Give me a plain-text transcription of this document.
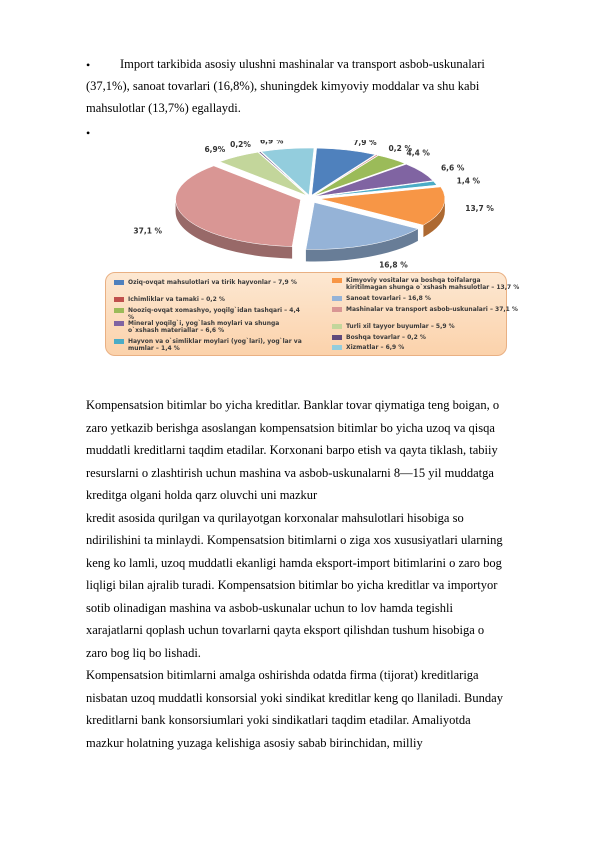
• Import tarkibida asosiy ulushni mashinalar va transport asbob-uskunalari
(37,1%), sanoat tovarlari (16,8%), shuningdek kimyoviy moddalar va shu kabi
mahsulotlar (13,7%) egallaydi.
•
7,9 %
0,2 %
4,4 %
6,6 %
1,4 %
13,7 %
16,8 %
37,1 %
6,9%
0,2% 6,9 %
Oziq-ovqat mahsulotlari va tirik hayvonlar – 7,9 %
Ichimliklar va tamaki – 0,2 %
Nooziq-ovqat xomashyo, yoqilg`idan tashqari – 4,4 %
Mineral yoqilg`i, yog`lash moylari va shunga o`xshash materiallar – 6,6 %
Hayvon va o`simliklar moylari (yog`lari), yog`lar va mumlar – 1,4 %
Kimyoviy vositalar va boshqa toifalarga kiritilmagan shunga o`xshash mahsulotlar – 13,7 %
Sanoat tovarlari – 16,8 %
Mashinalar va transport asbob-uskunalari – 37,1 %
Turli xil tayyor buyumlar – 5,9 %
Boshqa tovarlar – 0,2 %
Xizmatlar – 6,9 %

Kompensatsion bitimlar bo yicha kreditlar. Banklar tovar qiymatiga teng boigan, o

zaro yetkazib berishga asoslangan kompensatsion bitimlar bo yicha uzoq va qisqa

muddatli kreditlarni taqdim etadilar. Korxonani barpo etish va qayta tiklash, tabiiy

resurslarni o zlashtirish uchun mashina va asbob-uskunalarni 8—15 yil muddatga

kreditga olgani holda qarz oluvchi uni mazkur

kredit asosida qurilgan va qurilayotgan korxonalar mahsulotlari hisobiga so

ndirilishini ta minlaydi. Kompensatsion bitimlarni o ziga xos xususiyatlari ularning

keng ko lamli, uzoq muddatli ekanligi hamda eksport-import bitimlarini o zaro bog

liqligi bilan ajralib turadi. Kompensatsion bitimlar bo yicha kreditlar va importyor

sotib olinadigan mashina va asbob-uskunalar uchun to lov hamda tegishli

xarajatlarni qoplash uchun tovarlarni qayta eksport qilishdan tushum hisobiga o

zaro bog liq bo lishadi.

Kompensatsion bitimlarni amalga oshirishda odatda firma (tijorat) kreditlariga

nisbatan uzoq muddatli konsorsial yoki sindikat kreditlar keng qo llaniladi. Bunday

kreditlarni bank konsorsiumlari yoki sindikatlari taqdim etadilar. Amaliyotda

mazkur holatning yuzaga kelishiga asosiy sabab birinchidan, milliy
